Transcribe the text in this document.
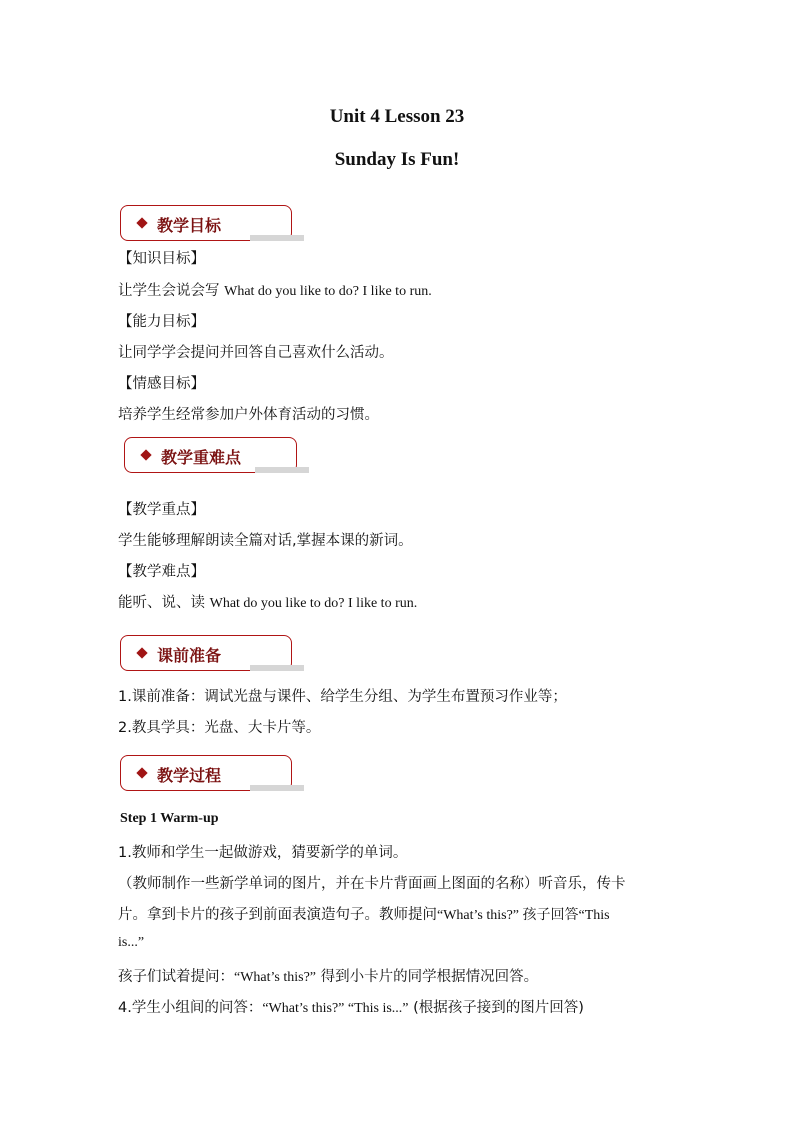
Unit 4 Lesson 23
Sunday Is Fun!
教学目标
【知识目标】
让学生会说会写 What do you like to do? I like to run.
【能力目标】
让同学学会提问并回答自己喜欢什么活动。
【情感目标】
培养学生经常参加户外体育活动的习惯。
教学重难点
【教学重点】
学生能够理解朗读全篇对话,掌握本课的新词。
【教学难点】
能听、说、读 What do you like to do? I like to run.
课前准备
1.课前准备：调试光盘与课件、给学生分组、为学生布置预习作业等；
2.教具学具：光盘、大卡片等。
教学过程
Step 1 Warm-up
1.教师和学生一起做游戏，猜要新学的单词。
（教师制作一些新学单词的图片，并在卡片背面画上图面的名称）听音乐，传卡
片。拿到卡片的孩子到前面表演造句子。教师提问“What’s this?” 孩子回答“This
is...”
孩子们试着提问：“What’s this?” 得到小卡片的同学根据情况回答。
4.学生小组间的问答：“What’s this?” “This is...” (根据孩子接到的图片回答)
